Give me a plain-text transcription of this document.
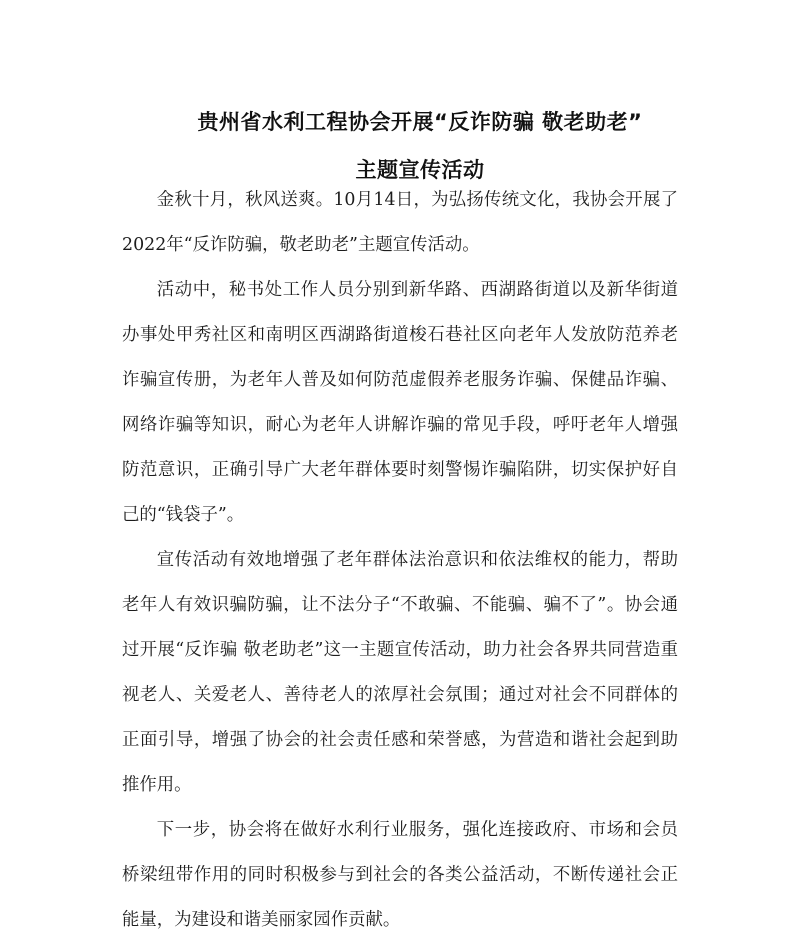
贵州省水利工程协会开展“反诈防骗 敬老助老”
主题宣传活动

金秋十月，秋风送爽。10月14日，为弘扬传统文化，我协会开展了2022年“反诈防骗，敬老助老”主题宣传活动。

活动中，秘书处工作人员分别到新华路、西湖路街道以及新华街道办事处甲秀社区和南明区西湖路街道梭石巷社区向老年人发放防范养老诈骗宣传册，为老年人普及如何防范虚假养老服务诈骗、保健品诈骗、网络诈骗等知识，耐心为老年人讲解诈骗的常见手段，呼吁老年人增强防范意识，正确引导广大老年群体要时刻警惕诈骗陷阱，切实保护好自己的“钱袋子”。

宣传活动有效地增强了老年群体法治意识和依法维权的能力，帮助老年人有效识骗防骗，让不法分子“不敢骗、不能骗、骗不了”。协会通过开展“反诈骗 敬老助老”这一主题宣传活动，助力社会各界共同营造重视老人、关爱老人、善待老人的浓厚社会氛围；通过对社会不同群体的正面引导，增强了协会的社会责任感和荣誉感，为营造和谐社会起到助推作用。

下一步，协会将在做好水利行业服务，强化连接政府、市场和会员桥梁纽带作用的同时积极参与到社会的各类公益活动，不断传递社会正能量，为建设和谐美丽家园作贡献。
